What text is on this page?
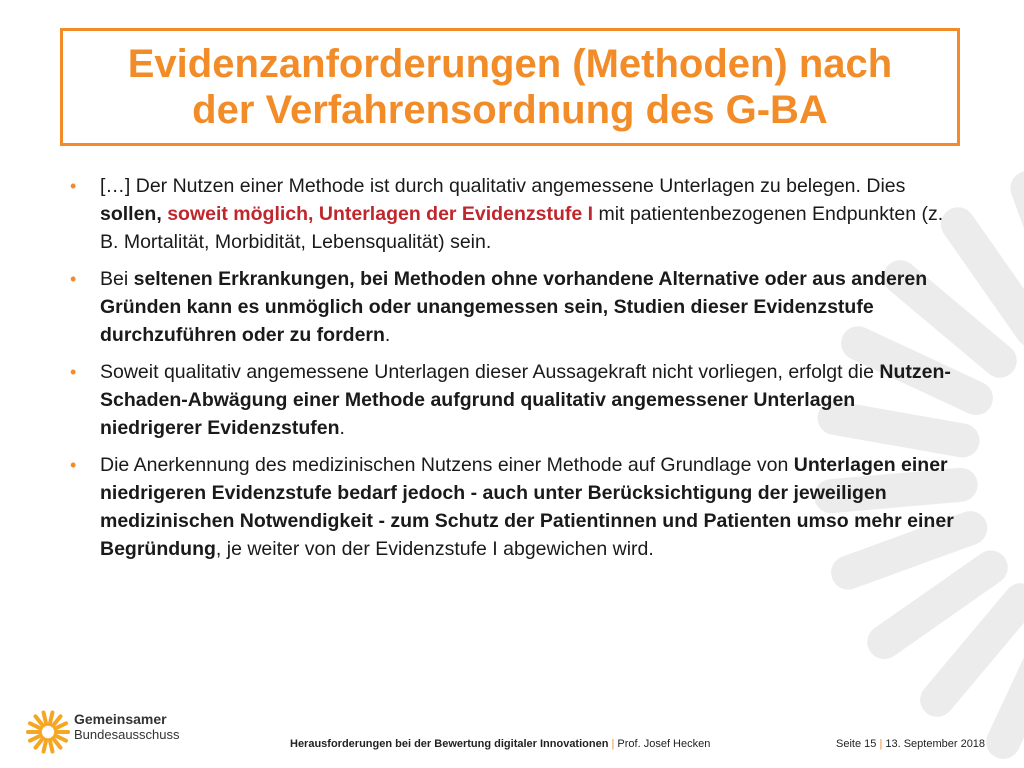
Evidenzanforderungen (Methoden) nach
der Verfahrensordnung des G-BA
•	[…] Der Nutzen einer Methode ist durch qualitativ angemessene Unterlagen zu belegen. Dies sollen, soweit möglich, Unterlagen der Evidenzstufe I mit patientenbezogenen Endpunkten (z. B. Mortalität, Morbidität, Lebensqualität) sein.
•	Bei seltenen Erkrankungen, bei Methoden ohne vorhandene Alternative oder aus anderen Gründen kann es unmöglich oder unangemessen sein, Studien dieser Evidenzstufe durchzuführen oder zu fordern.
•	Soweit qualitativ angemessene Unterlagen dieser Aussagekraft nicht vorliegen, erfolgt die Nutzen-Schaden-Abwägung einer Methode aufgrund qualitativ angemessener Unterlagen niedrigerer Evidenzstufen.
•	Die Anerkennung des medizinischen Nutzens einer Methode auf Grundlage von Unterlagen einer niedrigeren Evidenzstufe bedarf jedoch - auch unter Berücksichtigung der jeweiligen medizinischen Notwendigkeit - zum Schutz der Patientinnen und Patienten umso mehr einer Begründung, je weiter von der Evidenzstufe I abgewichen wird.
Gemeinsamer
Bundesausschuss
Herausforderungen bei der Bewertung digitaler Innovationen | Prof. Josef Hecken	Seite 15 | 13. September 2018
